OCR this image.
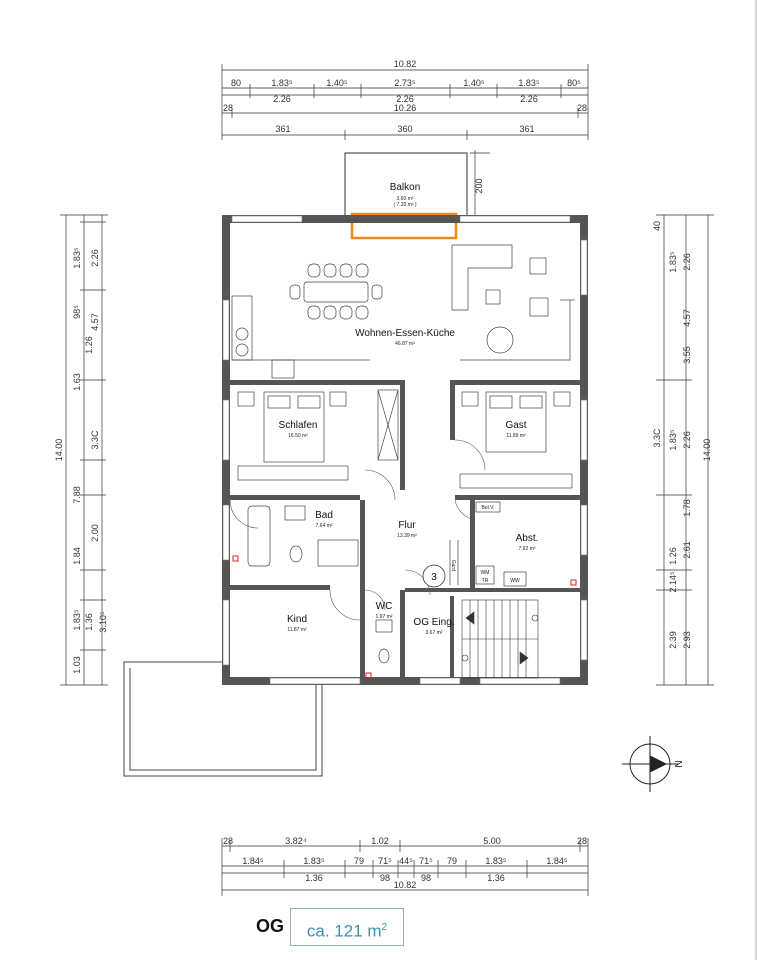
10.82
80	1.83⁵	1.40⁵	2.73⁵	1.40⁵	1.83⁵	80⁵
2.26	2.26	2.26
28	10.26	28
361	360	361
200
Balkon
3.60 m²
( 7.20 m² )
3
Wohnen-Essen-Küche
46.87 m²
Schlafen
16.50 m²
Gast
11.89 m²
Bad
7.64 m²	Flur
13.39 m²	Abst.
7.92 m²
Kind
11.87 m²
WC
1.97 m² OG Eing.
3.67 m²
WM
TR	WW
Bel.V.
Gard.
14.00
1.83⁵ 2.26
4.57
1.63
3.3C
1.84
2.00
1.83⁵ 1.36 3.10⁵
1.03
98⁵
1.26
7.88
14.00
1.83⁵ 2.26
4.57
3.55
1.83⁵ 2.26
1.78
2.61
2.39 2.93
40
3.3C
1.26
2.14⁵
N
28	3.82⁴	1.02	5.00	28
1.84⁵	1.83⁵	79 71⁵ 44⁵ 71⁵ 79	1.83⁵	1.84⁵
1.36	98	98	1.36
10.82
OG	ca. 121 $m^2$
